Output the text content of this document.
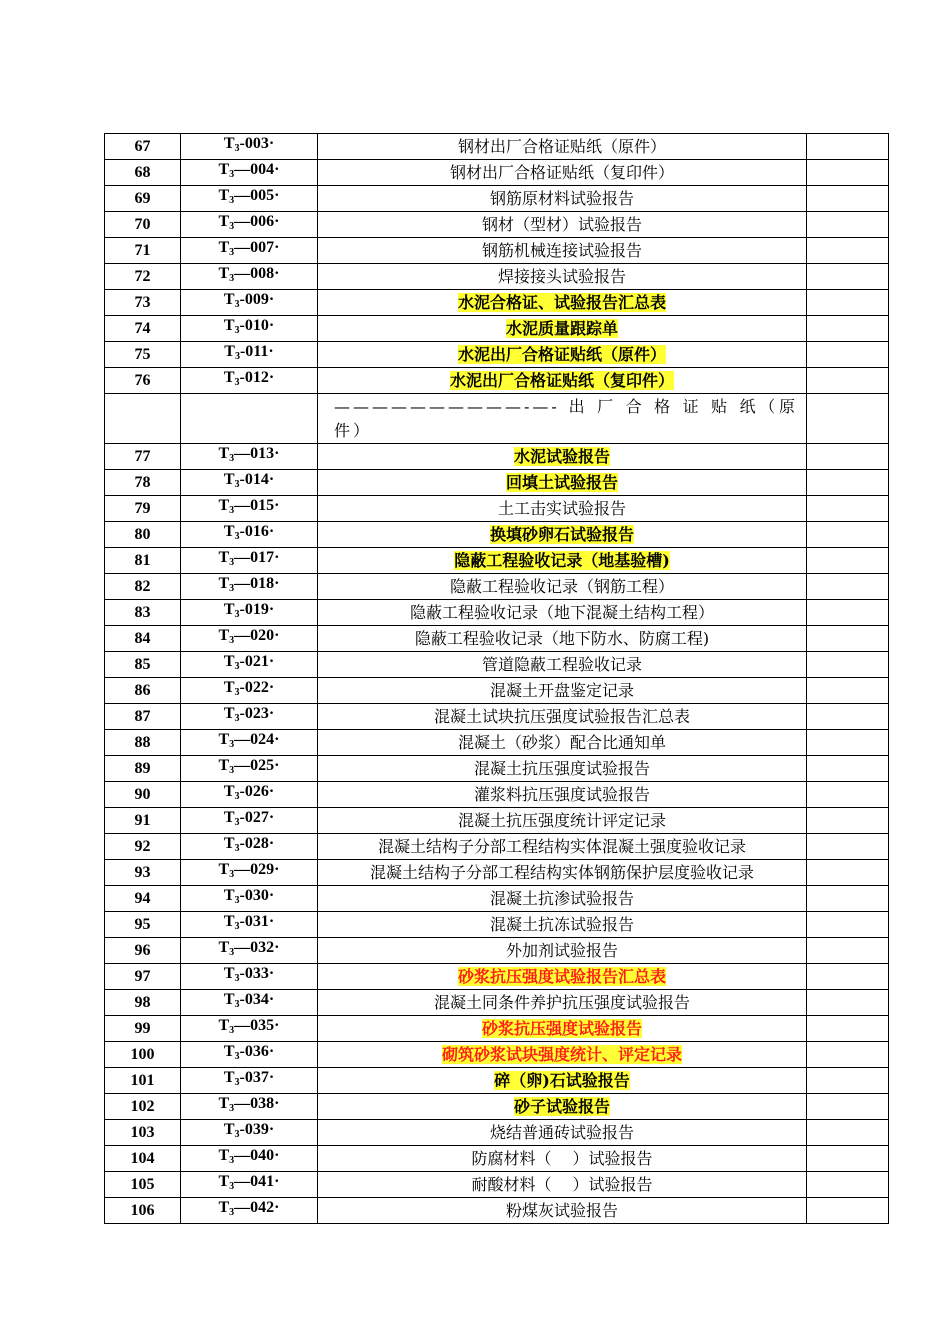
67	$T_3-003\cdot$	钢材出厂合格证贴纸（原件）	
68	$T_3—004\cdot$	钢材出厂合格证贴纸（复印件）	
69	$T_3—005\cdot$	钢筋原材料试验报告	
70	$T_3—006\cdot$	钢材（型材）试验报告	
71	$T_3—007\cdot$	钢筋机械连接试验报告	
72	$T_3—008\cdot$	焊接接头试验报告	
73	$T_3-009\cdot$	水泥合格证、试验报告汇总表	
74	$T_3-010\cdot$	水泥质量跟踪单	
75	$T_3-011\cdot$	水泥出厂合格证贴纸（原件）	
76	$T_3-012\cdot$	水泥出厂合格证贴纸（复印件）	
		——————————-—- 出 厂 合 格 证 贴 纸（原件）	
77	$T_3—013\cdot$	水泥试验报告	
78	$T_3-014\cdot$	回填土试验报告	
79	$T_3—015\cdot$	土工击实试验报告	
80	$T_3-016\cdot$	换填砂卵石试验报告	
81	$T_3—017\cdot$	隐蔽工程验收记录（地基验槽)	
82	$T_3—018\cdot$	隐蔽工程验收记录（钢筋工程）	
83	$T_3-019\cdot$	隐蔽工程验收记录（地下混凝土结构工程）	
84	$T_3—020\cdot$	隐蔽工程验收记录（地下防水、防腐工程)	
85	$T_3-021\cdot$	管道隐蔽工程验收记录	
86	$T_3-022\cdot$	混凝土开盘鉴定记录	
87	$T_3-023\cdot$	混凝土试块抗压强度试验报告汇总表	
88	$T_3—024\cdot$	混凝土（砂浆）配合比通知单	
89	$T_3—025\cdot$	混凝土抗压强度试验报告	
90	$T_3-026\cdot$	灌浆料抗压强度试验报告	
91	$T_3-027\cdot$	混凝土抗压强度统计评定记录	
92	$T_3-028\cdot$	混凝土结构子分部工程结构实体混凝土强度验收记录	
93	$T_3—029\cdot$	混凝土结构子分部工程结构实体钢筋保护层度验收记录	
94	$T_3-030\cdot$	混凝土抗渗试验报告	
95	$T_3-031\cdot$	混凝土抗冻试验报告	
96	$T_3—032\cdot$	外加剂试验报告	
97	$T_3-033\cdot$	砂浆抗压强度试验报告汇总表	
98	$T_3-034\cdot$	混凝土同条件养护抗压强度试验报告	
99	$T_3—035\cdot$	砂浆抗压强度试验报告	
100	$T_3-036\cdot$	砌筑砂浆试块强度统计、评定记录	
101	$T_3-037\cdot$	碎（卵)石试验报告	
102	$T_3—038\cdot$	砂子试验报告	
103	$T_3-039\cdot$	烧结普通砖试验报告	
104	$T_3—040\cdot$	防腐材料（　 ）试验报告	
105	$T_3—041\cdot$	耐酸材料（　 ）试验报告	
106	$T_3—042\cdot$	粉煤灰试验报告	
